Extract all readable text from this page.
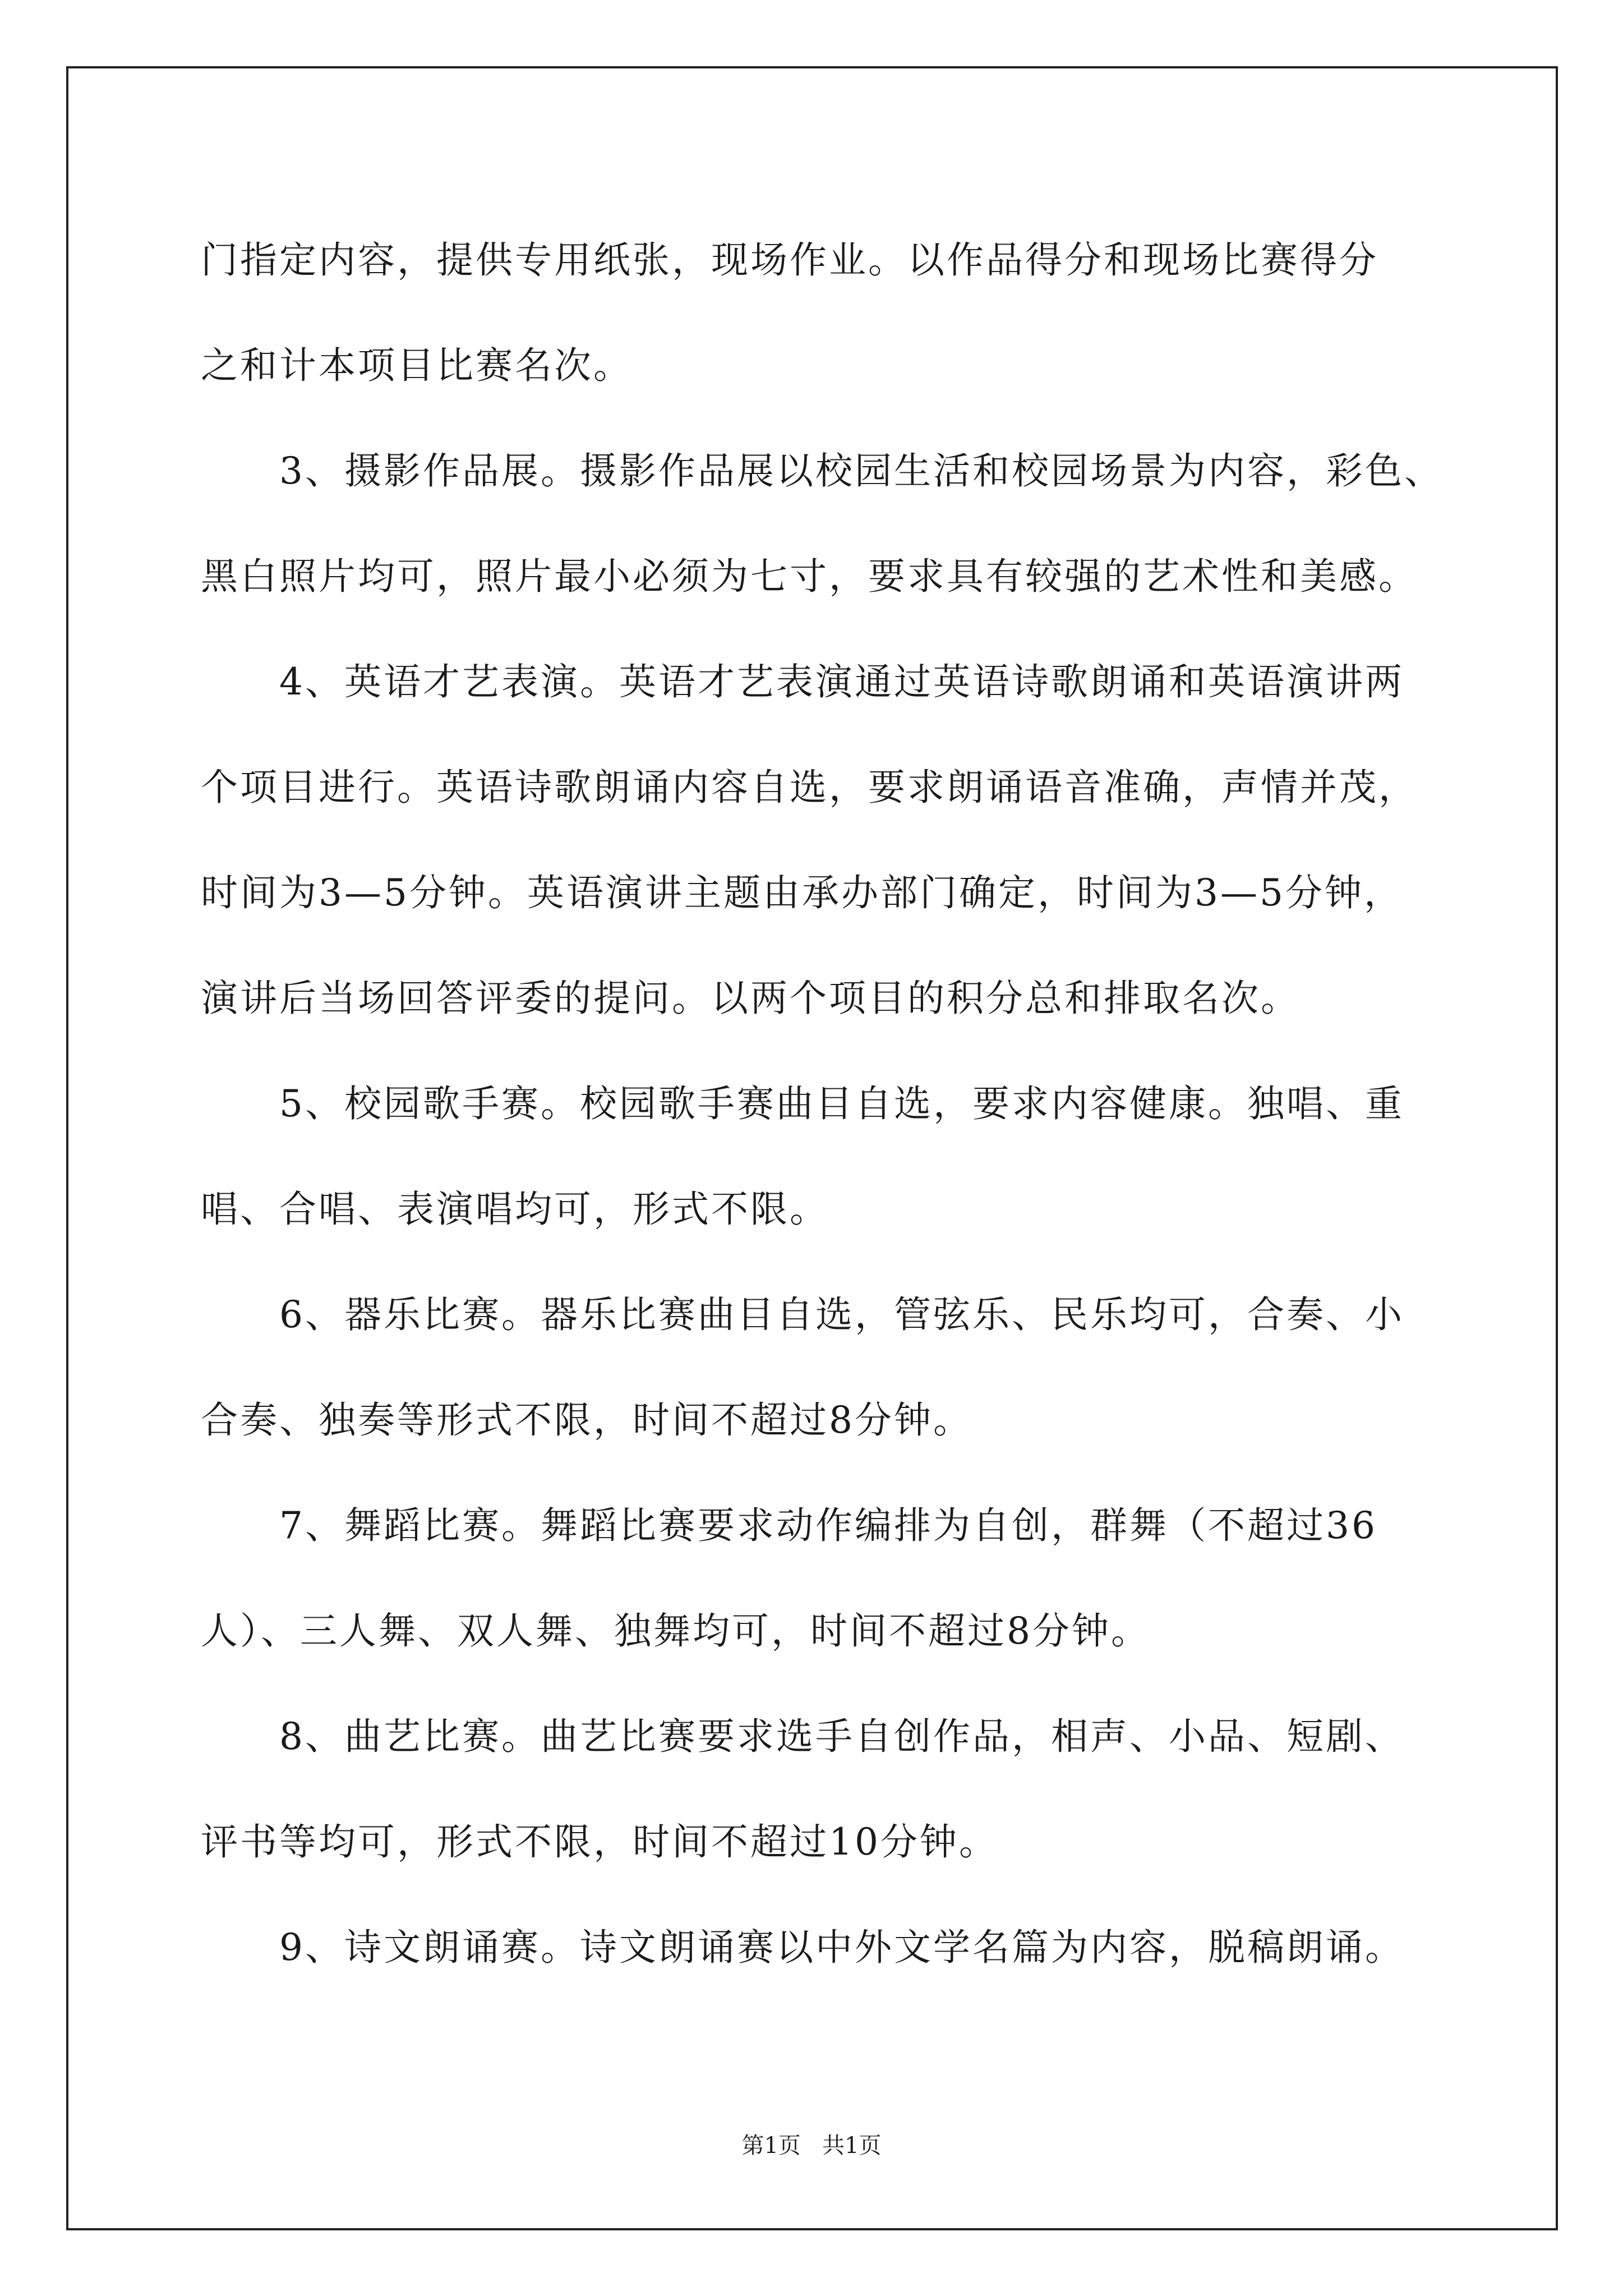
门指定内容，提供专用纸张，现场作业。以作品得分和现场比赛得分
之和计本项目比赛名次。
3、摄影作品展。摄影作品展以校园生活和校园场景为内容，彩色、
黑白照片均可，照片最小必须为七寸，要求具有较强的艺术性和美感。
4、英语才艺表演。英语才艺表演通过英语诗歌朗诵和英语演讲两
个项目进行。英语诗歌朗诵内容自选，要求朗诵语音准确，声情并茂，
时间为3—5分钟。英语演讲主题由承办部门确定，时间为3—5分钟，
演讲后当场回答评委的提问。以两个项目的积分总和排取名次。
5、校园歌手赛。校园歌手赛曲目自选，要求内容健康。独唱、重
唱、合唱、表演唱均可，形式不限。
6、器乐比赛。器乐比赛曲目自选，管弦乐、民乐均可，合奏、小
合奏、独奏等形式不限，时间不超过8分钟。
7、舞蹈比赛。舞蹈比赛要求动作编排为自创，群舞（不超过36
人）、三人舞、双人舞、独舞均可，时间不超过8分钟。
8、曲艺比赛。曲艺比赛要求选手自创作品，相声、小品、短剧、
评书等均可，形式不限，时间不超过10分钟。
9、诗文朗诵赛。诗文朗诵赛以中外文学名篇为内容，脱稿朗诵。
第1页   共1页
